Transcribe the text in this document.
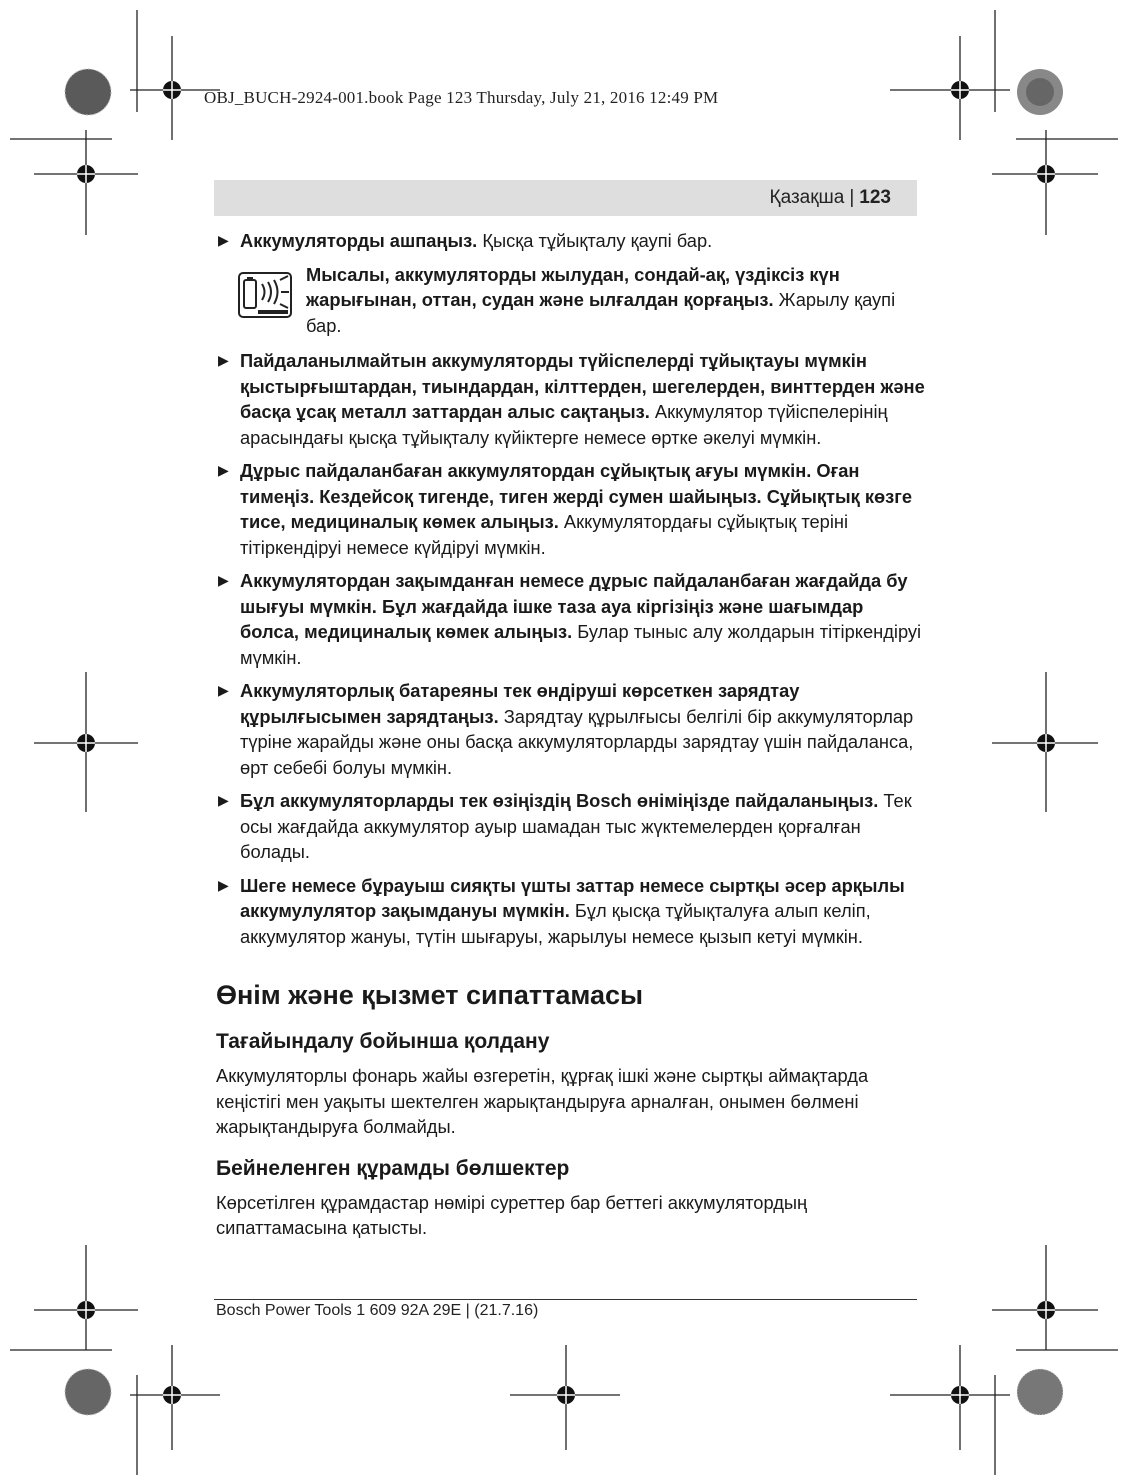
OBJ_BUCH-2924-001.book Page 123 Thursday, July 21, 2016 12:49 PM
Қазақша | 123

▶ Аккумуляторды ашпаңыз. Қысқа тұйықталу қаупі бар.

Мысалы, аккумуляторды жылудан, сондай-ақ, үздіксіз күн жарығынан, оттан, судан және ылғалдан қорғаңыз. Жарылу қаупі бар.

▶ Пайдаланылмайтын аккумуляторды түйіспелерді тұйықтауы мүмкін қыстырғыштардан, тиындардан, кілттерден, шегелерден, винттерден және басқа ұсақ металл заттардан алыс сақтаңыз. Аккумулятор түйіспелерінің арасындағы қысқа тұйықталу күйіктерге немесе өртке әкелуі мүмкін.

▶ Дұрыс пайдаланбаған аккумулятордан сұйықтық ағуы мүмкін. Оған тимеңіз. Кездейсоқ тигенде, тиген жерді сумен шайыңыз. Сұйықтық көзге тисе, медициналық көмек алыңыз. Аккумулятордағы сұйықтық теріні тітіркендіруі немесе күйдіруі мүмкін.

▶ Аккумулятордан зақымданған немесе дұрыс пайдаланбаған жағдайда бу шығуы мүмкін. Бұл жағдайда ішке таза ауа кіргізіңіз және шағымдар болса, медициналық көмек алыңыз. Булар тыныс алу жолдарын тітіркендіруі мүмкін.

▶ Аккумуляторлық батареяны тек өндіруші көрсеткен зарядтау құрылғысымен зарядтаңыз. Зарядтау құрылғысы белгілі бір аккумуляторлар түріне жарайды және оны басқа аккумуляторларды зарядтау үшін пайдаланса, өрт себебі болуы мүмкін.

▶ Бұл аккумуляторларды тек өзіңіздің Bosch өніміңізде пайдаланыңыз. Тек осы жағдайда аккумулятор ауыр шамадан тыс жүктемелерден қорғалған болады.

▶ Шеге немесе бұрауыш сияқты үшты заттар немесе сыртқы әсер арқылы аккумулулятор зақымдануы мүмкін. Бұл қысқа тұйықталуға алып келіп, аккумулятор жануы, түтін шығаруы, жарылуы немесе қызып кетуі мүмкін.

Өнім және қызмет сипаттамасы
Тағайындалу бойынша қолдану

Аккумуляторлы фонарь жайы өзгеретін, құрғақ ішкі және сыртқы аймақтарда кеңістігі мен уақыты шектелген жарықтандыруға арналған, онымен бөлмені жарықтандыруға болмайды.

Бейнеленген құрамды бөлшектер

Көрсетілген құрамдастар нөмірі суреттер бар беттегі аккумулятордың сипаттамасына қатысты.

Bosch Power Tools 1 609 92A 29E | (21.7.16)
